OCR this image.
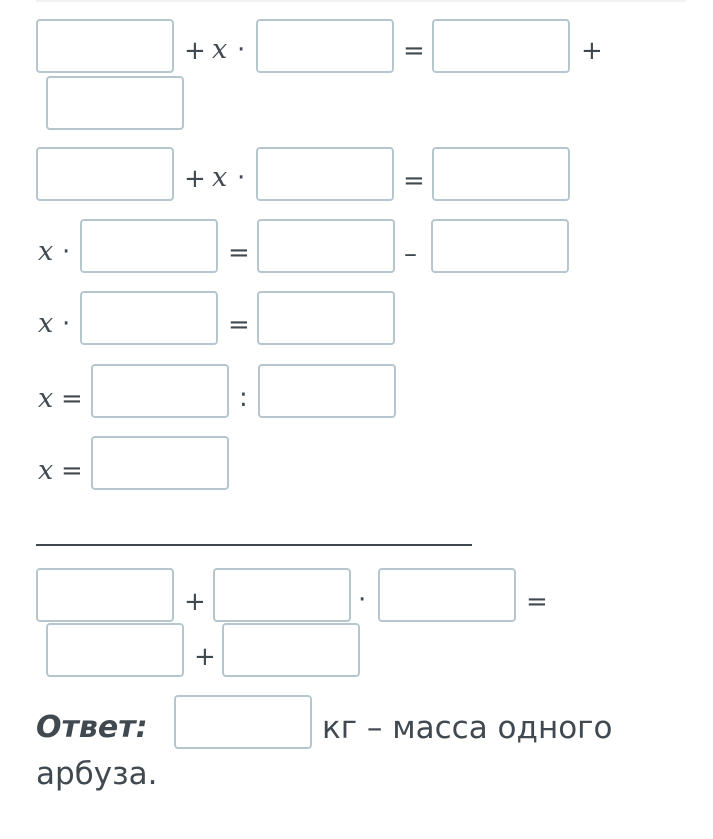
+ x ·	=	+
+ x ·	=
x ·	=	–
x ·	=
x =	:
x =
+	·	=
+
Ответ:	кг – масса одного
арбуза.
